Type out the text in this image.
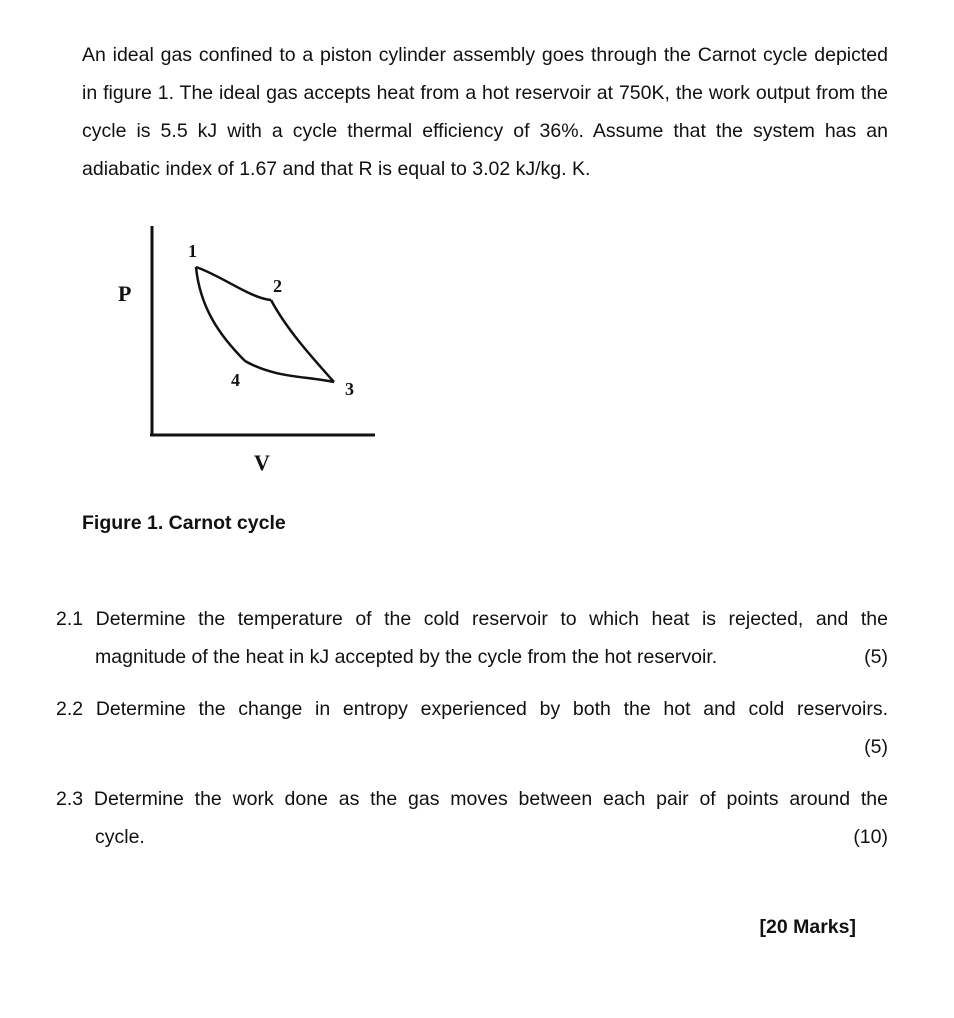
An ideal gas confined to a piston cylinder assembly goes through the Carnot cycle depicted in figure 1. The ideal gas accepts heat from a hot reservoir at 750K, the work output from the cycle is 5.5 kJ with a cycle thermal efficiency of 36%. Assume that the system has an adiabatic index of 1.67 and that R is equal to 3.02 kJ/kg. K.
P
V
1
2
3
4
Figure 1. Carnot cycle
2.1 Determine the temperature of the cold reservoir to which heat is rejected, and the
magnitude of the heat in kJ accepted by the cycle from the hot reservoir.	(5)
2.2 Determine the change in entropy experienced by both the hot and cold reservoirs.
(5)
2.3 Determine the work done as the gas moves between each pair of points around the
cycle.	(10)
[20 Marks]
